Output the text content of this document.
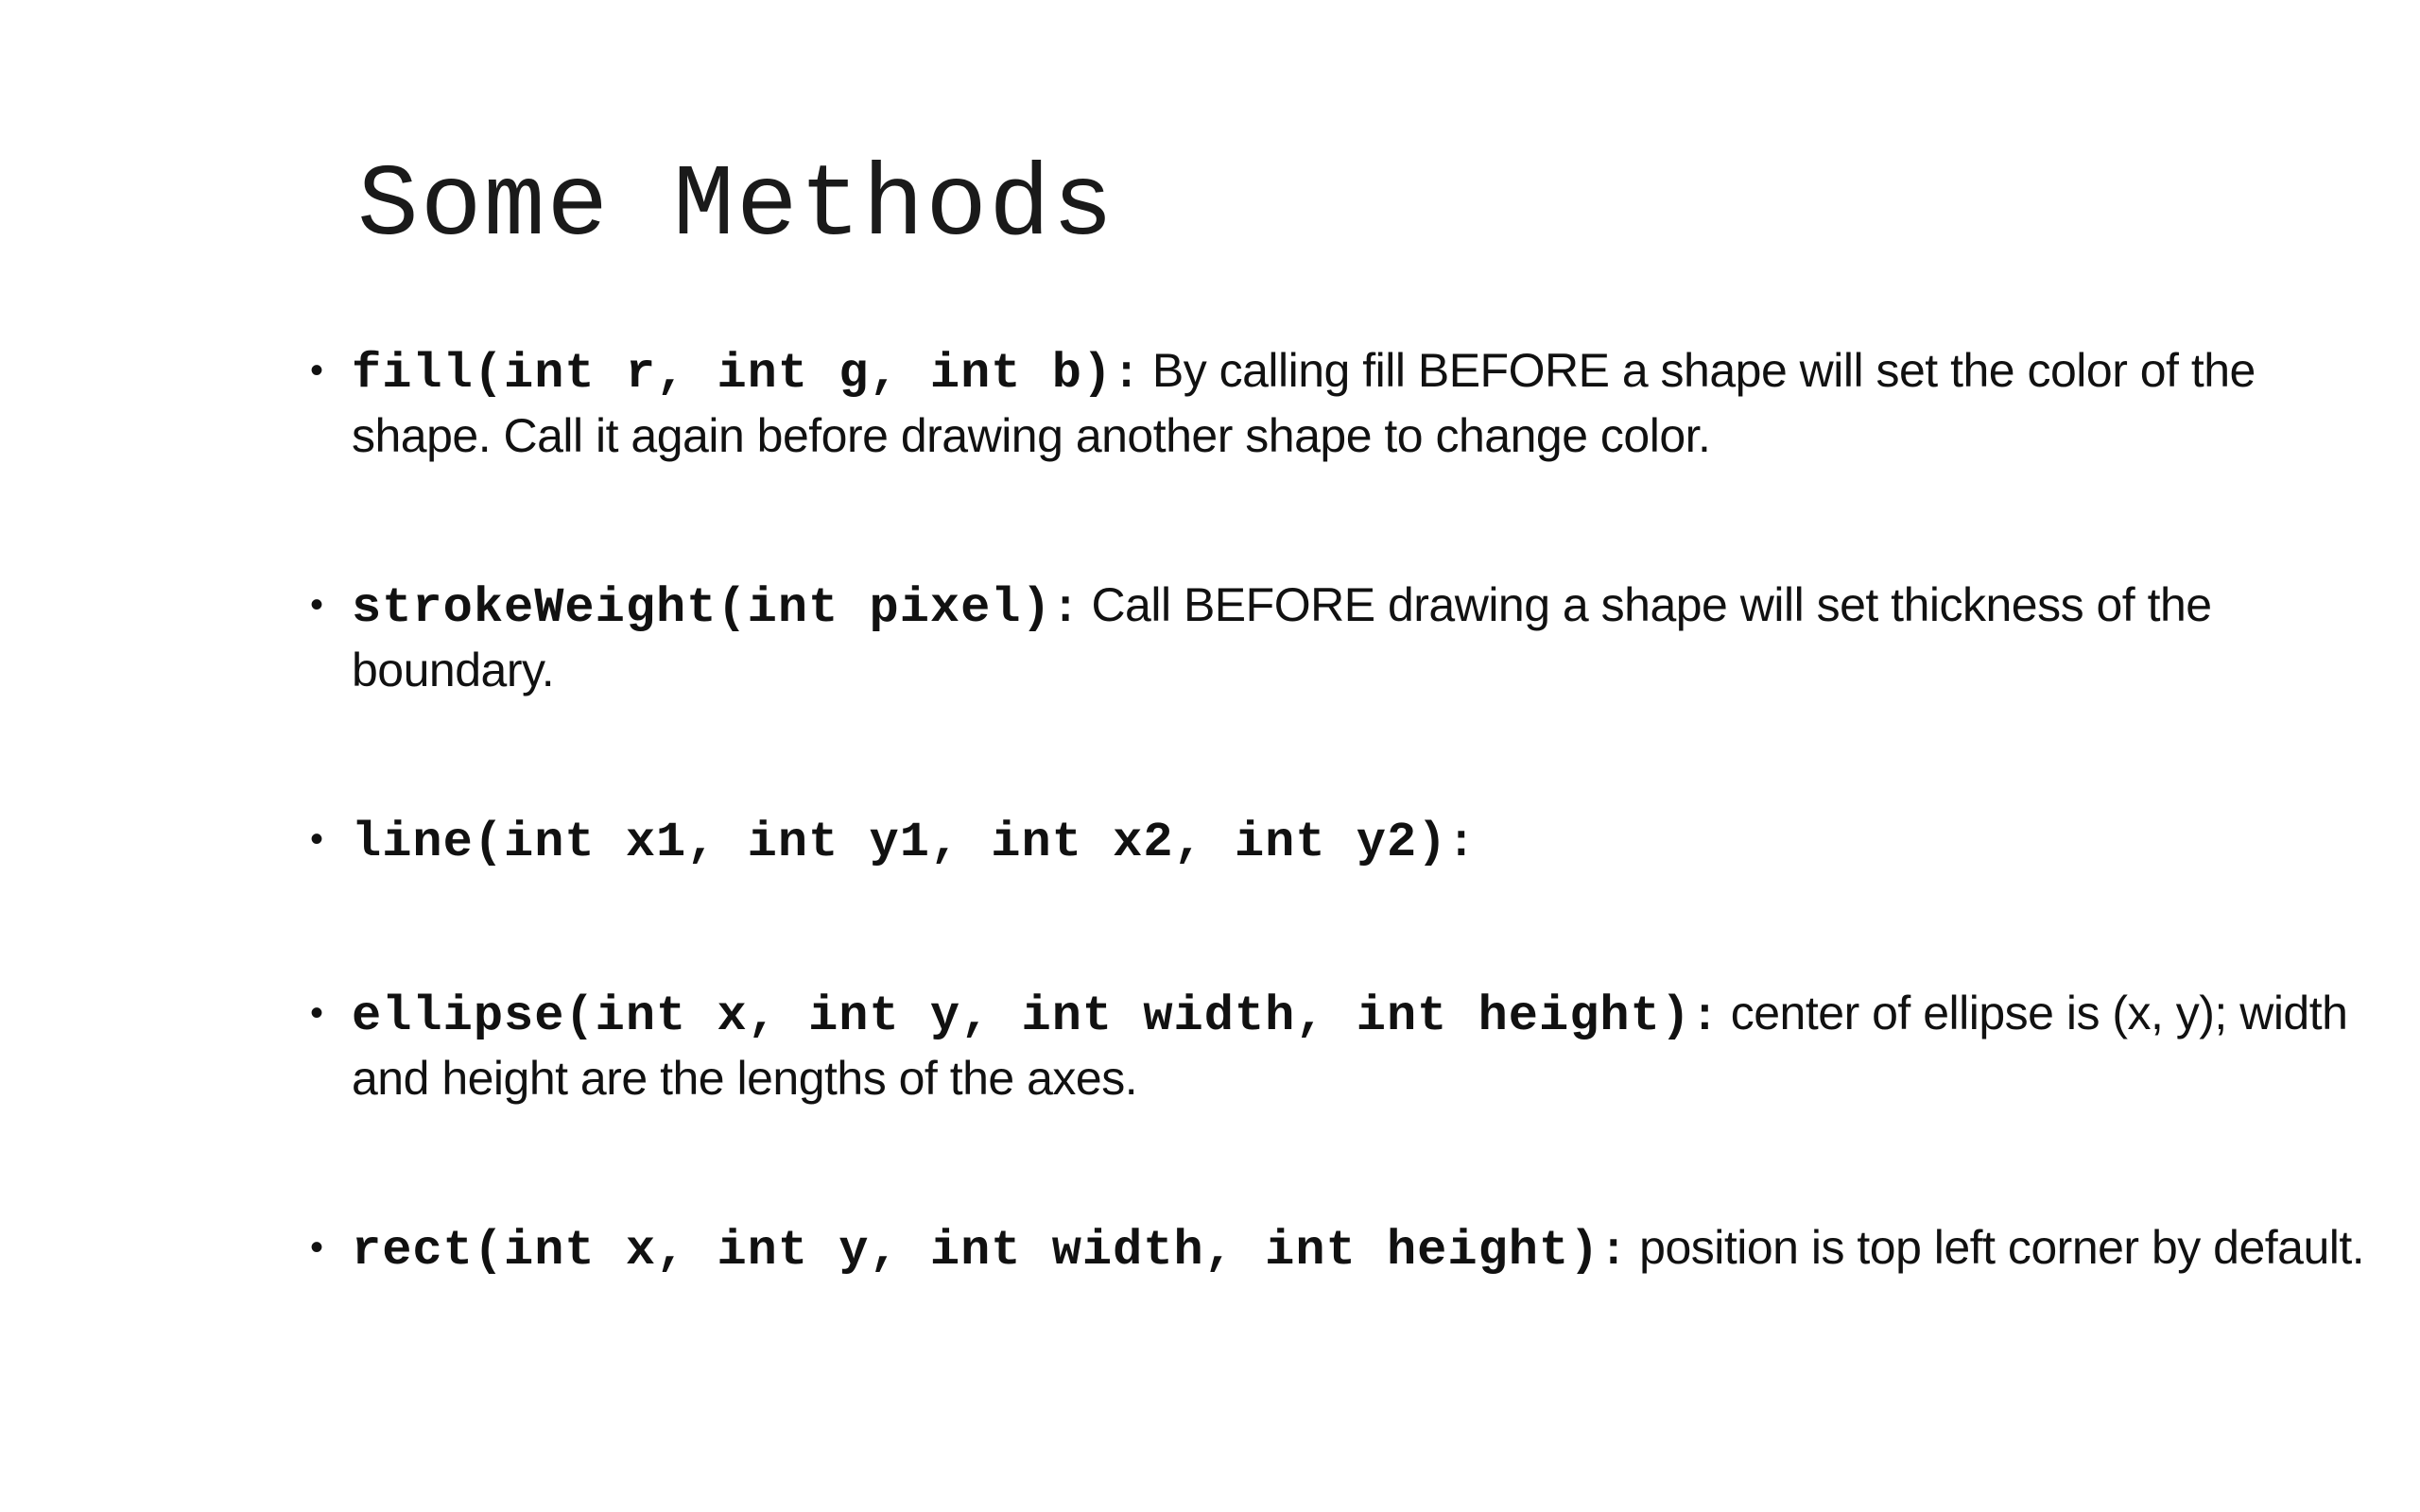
Some Methods
• fill(int r, int g, int b): By calling fill BEFORE a shape will set the color of the shape. Call it again before drawing another shape to change color.
• strokeWeight(int pixel): Call BEFORE drawing a shape will set thickness of the boundary.
• line(int x1, int y1, int x2, int y2):
• ellipse(int x, int y, int width, int height): center of ellipse is (x, y); width and height are the lengths of the axes.
• rect(int x, int y, int width, int height): position is top left corner by default.
